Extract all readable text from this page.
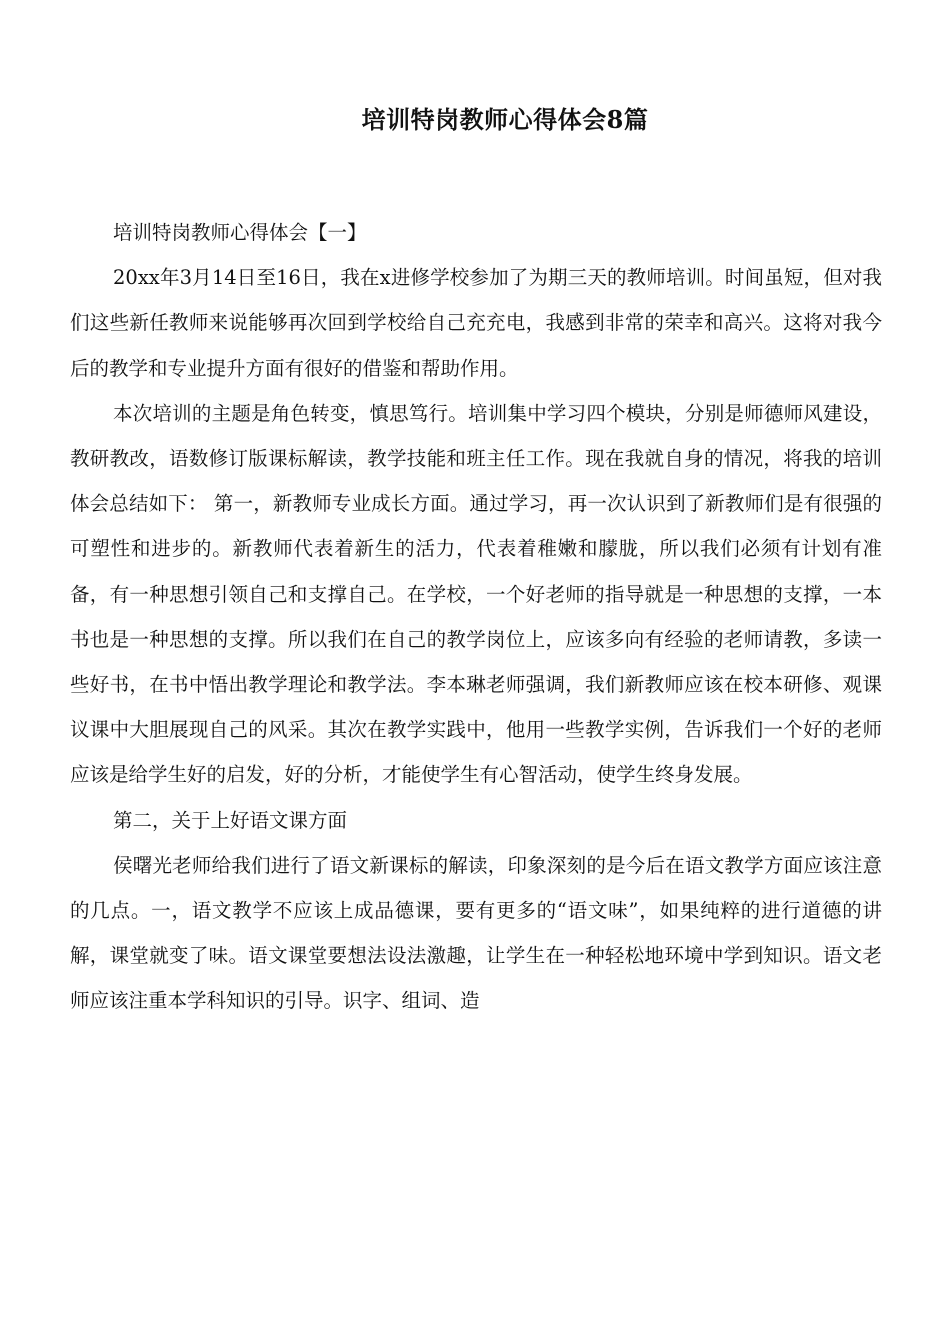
培训特岗教师心得体会8篇

培训特岗教师心得体会【一】

20xx年3月14日至16日，我在x进修学校参加了为期三天的教师培训。时间虽短，但对我们这些新任教师来说能够再次回到学校给自己充充电，我感到非常的荣幸和高兴。这将对我今后的教学和专业提升方面有很好的借鉴和帮助作用。

本次培训的主题是角色转变，慎思笃行。培训集中学习四个模块，分别是师德师风建设，教研教改，语数修订版课标解读，教学技能和班主任工作。现在我就自身的情况，将我的培训体会总结如下： 第一，新教师专业成长方面。通过学习，再一次认识到了新教师们是有很强的可塑性和进步的。新教师代表着新生的活力，代表着稚嫩和朦胧，所以我们必须有计划有准备，有一种思想引领自己和支撑自己。在学校，一个好老师的指导就是一种思想的支撑，一本书也是一种思想的支撑。所以我们在自己的教学岗位上，应该多向有经验的老师请教，多读一些好书，在书中悟出教学理论和教学法。李本琳老师强调，我们新教师应该在校本研修、观课议课中大胆展现自己的风采。其次在教学实践中，他用一些教学实例，告诉我们一个好的老师应该是给学生好的启发，好的分析，才能使学生有心智活动，使学生终身发展。

第二，关于上好语文课方面

侯曙光老师给我们进行了语文新课标的解读，印象深刻的是今后在语文教学方面应该注意的几点。一，语文教学不应该上成品德课，要有更多的“语文味”，如果纯粹的进行道德的讲解，课堂就变了味。语文课堂要想法设法激趣，让学生在一种轻松地环境中学到知识。语文老师应该注重本学科知识的引导。识字、组词、造
